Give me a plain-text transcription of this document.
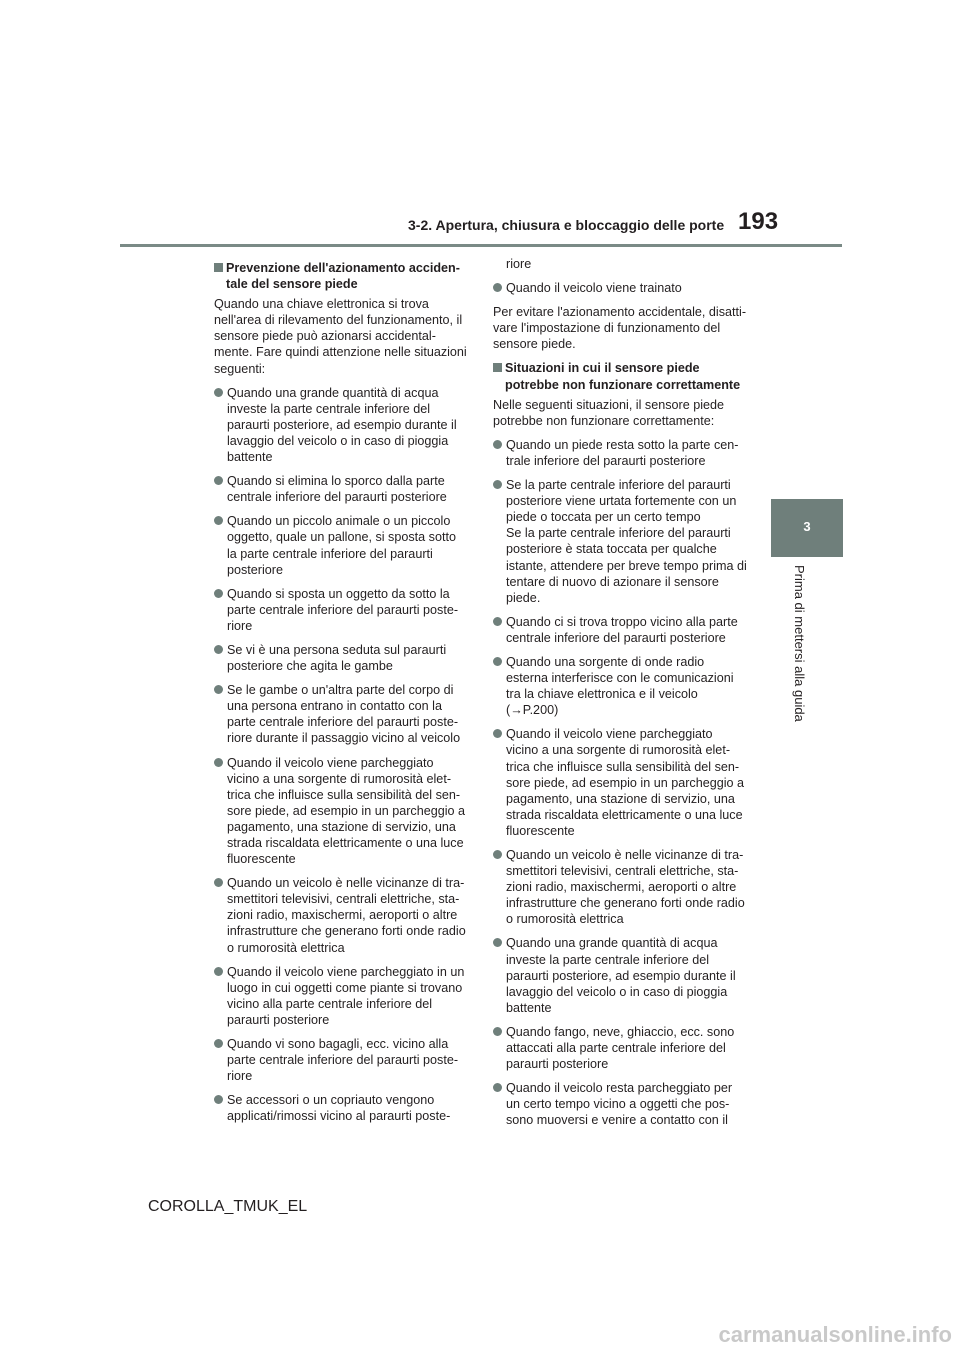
3-2. Apertura, chiusura e bloccaggio delle porte 193
3
Prima di mettersi alla guida
Prevenzione dell'azionamento acciden-
tale del sensore piede
Quando una chiave elettronica si trova
nell'area di rilevamento del funzionamento, il
sensore piede può azionarsi accidental-
mente. Fare quindi attenzione nelle situazioni
seguenti:
Quando una grande quantità di acqua
investe la parte centrale inferiore del
paraurti posteriore, ad esempio durante il
lavaggio del veicolo o in caso di pioggia
battente
Quando si elimina lo sporco dalla parte
centrale inferiore del paraurti posteriore
Quando un piccolo animale o un piccolo
oggetto, quale un pallone, si sposta sotto
la parte centrale inferiore del paraurti
posteriore
Quando si sposta un oggetto da sotto la
parte centrale inferiore del paraurti poste-
riore
Se vi è una persona seduta sul paraurti
posteriore che agita le gambe
Se le gambe o un'altra parte del corpo di
una persona entrano in contatto con la
parte centrale inferiore del paraurti poste-
riore durante il passaggio vicino al veicolo
Quando il veicolo viene parcheggiato
vicino a una sorgente di rumorosità elet-
trica che influisce sulla sensibilità del sen-
sore piede, ad esempio in un parcheggio a
pagamento, una stazione di servizio, una
strada riscaldata elettricamente o una luce
fluorescente
Quando un veicolo è nelle vicinanze di tra-
smettitori televisivi, centrali elettriche, sta-
zioni radio, maxischermi, aeroporti o altre
infrastrutture che generano forti onde radio
o rumorosità elettrica
Quando il veicolo viene parcheggiato in un
luogo in cui oggetti come piante si trovano
vicino alla parte centrale inferiore del
paraurti posteriore
Quando vi sono bagagli, ecc. vicino alla
parte centrale inferiore del paraurti poste-
riore
Se accessori o un copriauto vengono
applicati/rimossi vicino al paraurti poste-
riore
Quando il veicolo viene trainato
Per evitare l'azionamento accidentale, disatti-
vare l'impostazione di funzionamento del
sensore piede.
Situazioni in cui il sensore piede
potrebbe non funzionare correttamente
Nelle seguenti situazioni, il sensore piede
potrebbe non funzionare correttamente:
Quando un piede resta sotto la parte cen-
trale inferiore del paraurti posteriore
Se la parte centrale inferiore del paraurti
posteriore viene urtata fortemente con un
piede o toccata per un certo tempo
Se la parte centrale inferiore del paraurti
posteriore è stata toccata per qualche
istante, attendere per breve tempo prima di
tentare di nuovo di azionare il sensore
piede.
Quando ci si trova troppo vicino alla parte
centrale inferiore del paraurti posteriore
Quando una sorgente di onde radio
esterna interferisce con le comunicazioni
tra la chiave elettronica e il veicolo
(→P.200)
Quando il veicolo viene parcheggiato
vicino a una sorgente di rumorosità elet-
trica che influisce sulla sensibilità del sen-
sore piede, ad esempio in un parcheggio a
pagamento, una stazione di servizio, una
strada riscaldata elettricamente o una luce
fluorescente
Quando un veicolo è nelle vicinanze di tra-
smettitori televisivi, centrali elettriche, sta-
zioni radio, maxischermi, aeroporti o altre
infrastrutture che generano forti onde radio
o rumorosità elettrica
Quando una grande quantità di acqua
investe la parte centrale inferiore del
paraurti posteriore, ad esempio durante il
lavaggio del veicolo o in caso di pioggia
battente
Quando fango, neve, ghiaccio, ecc. sono
attaccati alla parte centrale inferiore del
paraurti posteriore
Quando il veicolo resta parcheggiato per
un certo tempo vicino a oggetti che pos-
sono muoversi e venire a contatto con il
COROLLA_TMUK_EL
carmanualsonline.info
